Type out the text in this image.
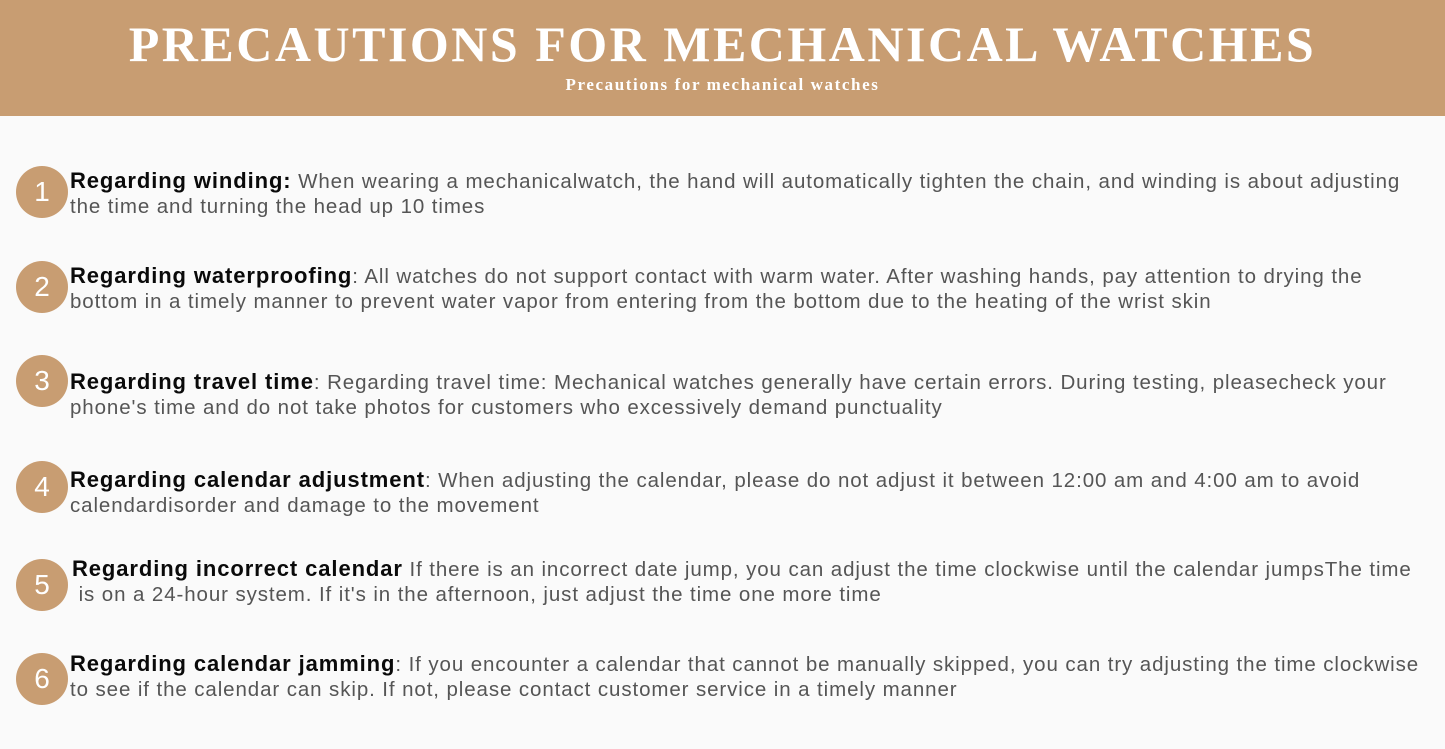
PRECAUTIONS FOR MECHANICAL WATCHES
Precautions for mechanical watches
1 Regarding winding: When wearing a mechanicalwatch, the hand will automatically tighten the chain, and winding is about adjusting
the time and turning the head up 10 times
2 Regarding waterproofing: All watches do not support contact with warm water. After washing hands, pay attention to drying the
bottom in a timely manner to prevent water vapor from entering from the bottom due to the heating of the wrist skin
3 Regarding travel time: Regarding travel time: Mechanical watches generally have certain errors. During testing, pleasecheck your
phone's time and do not take photos for customers who excessively demand punctuality
4 Regarding calendar adjustment: When adjusting the calendar, please do not adjust it between 12:00 am and 4:00 am to avoid
calendardisorder and damage to the movement
5
Regarding incorrect calendar If there is an incorrect date jump, you can adjust the time clockwise until the calendar jumpsThe time
is on a 24-hour system. If it's in the afternoon, just adjust the time one more time
6 Regarding calendar jamming: If you encounter a calendar that cannot be manually skipped, you can try adjusting the time clockwise
to see if the calendar can skip. If not, please contact customer service in a timely manner
